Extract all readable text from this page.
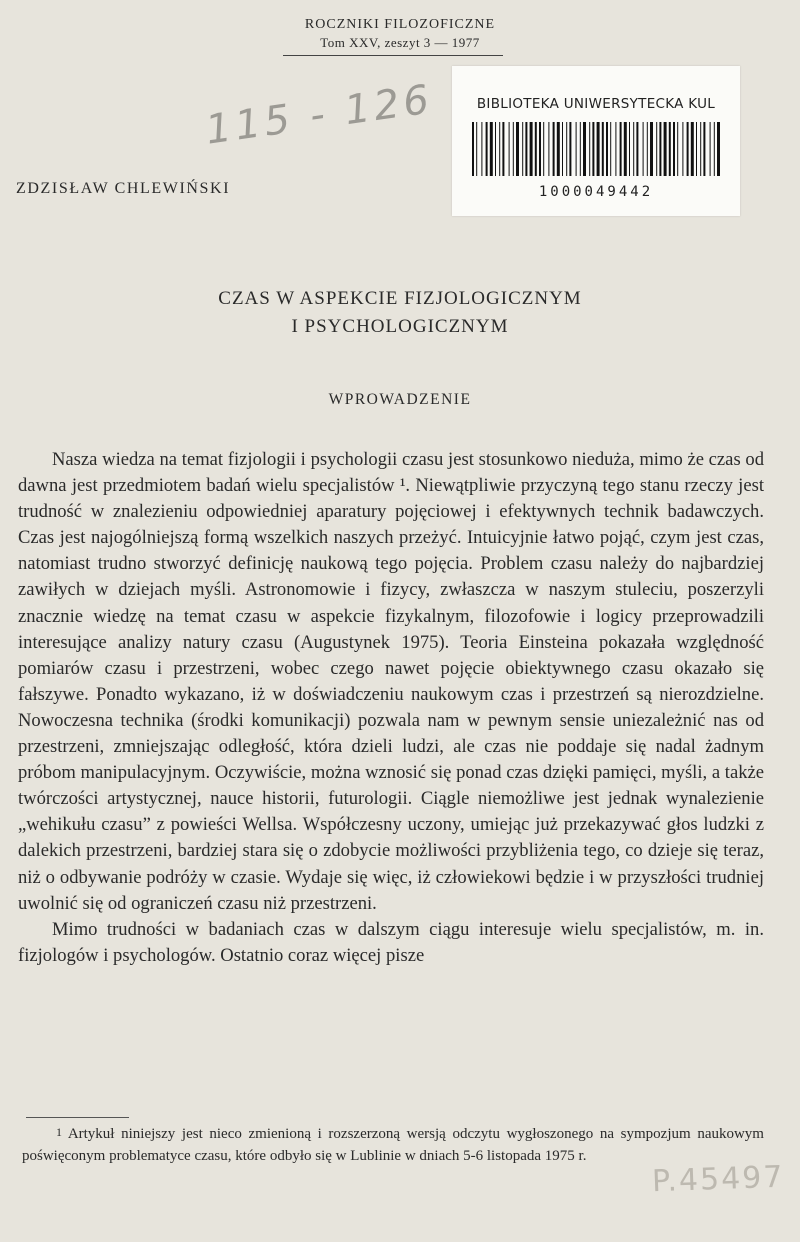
ROCZNIKI FILOZOFICZNE
Tom XXV, zeszyt 3 — 1977
115 - 126	BIBLIOTEKA UNIWERSYTECKA KUL
1000049442
ZDZISŁAW CHLEWIŃSKI
CZAS W ASPEKCIE FIZJOLOGICZNYM
I PSYCHOLOGICZNYM
WPROWADZENIE

Nasza wiedza na temat fizjologii i psychologii czasu jest stosunkowo nieduża, mimo że czas od dawna jest przedmiotem badań wielu specjalistów ¹. Niewątpliwie przyczyną tego stanu rzeczy jest trudność w znalezieniu odpowiedniej aparatury pojęciowej i efektywnych technik badawczych. Czas jest najogólniejszą formą wszelkich naszych przeżyć. Intuicyjnie łatwo pojąć, czym jest czas, natomiast trudno stworzyć definicję naukową tego pojęcia. Problem czasu należy do najbardziej zawiłych w dziejach myśli. Astronomowie i fizycy, zwłaszcza w naszym stuleciu, poszerzyli znacznie wiedzę na temat czasu w aspekcie fizykalnym, filozofowie i logicy przeprowadzili interesujące analizy natury czasu (Augustynek 1975). Teoria Einsteina pokazała względność pomiarów czasu i przestrzeni, wobec czego nawet pojęcie obiektywnego czasu okazało się fałszywe. Ponadto wykazano, iż w doświadczeniu naukowym czas i przestrzeń są nierozdzielne. Nowoczesna technika (środki komunikacji) pozwala nam w pewnym sensie uniezależnić nas od przestrzeni, zmniejszając odległość, która dzieli ludzi, ale czas nie poddaje się nadal żadnym próbom manipulacyjnym. Oczywiście, można wznosić się ponad czas dzięki pamięci, myśli, a także twórczości artystycznej, nauce historii, futurologii. Ciągle niemożliwe jest jednak wynalezienie „wehikułu czasu” z powieści Wellsa. Współczesny uczony, umiejąc już przekazywać głos ludzki z dalekich przestrzeni, bardziej stara się o zdobycie możliwości przybliżenia tego, co dzieje się teraz, niż o odbywanie podróży w czasie. Wydaje się więc, iż człowiekowi będzie i w przyszłości trudniej uwolnić się od ograniczeń czasu niż przestrzeni.

Mimo trudności w badaniach czas w dalszym ciągu interesuje wielu specjalistów, m. in. fizjologów i psychologów. Ostatnio coraz więcej pisze

1 Artykuł niniejszy jest nieco zmienioną i rozszerzoną wersją odczytu wygłoszonego na sympozjum naukowym poświęconym problematyce czasu, które odbyło się w Lublinie w dniach 5-6 listopada 1975 r.
P.45497
